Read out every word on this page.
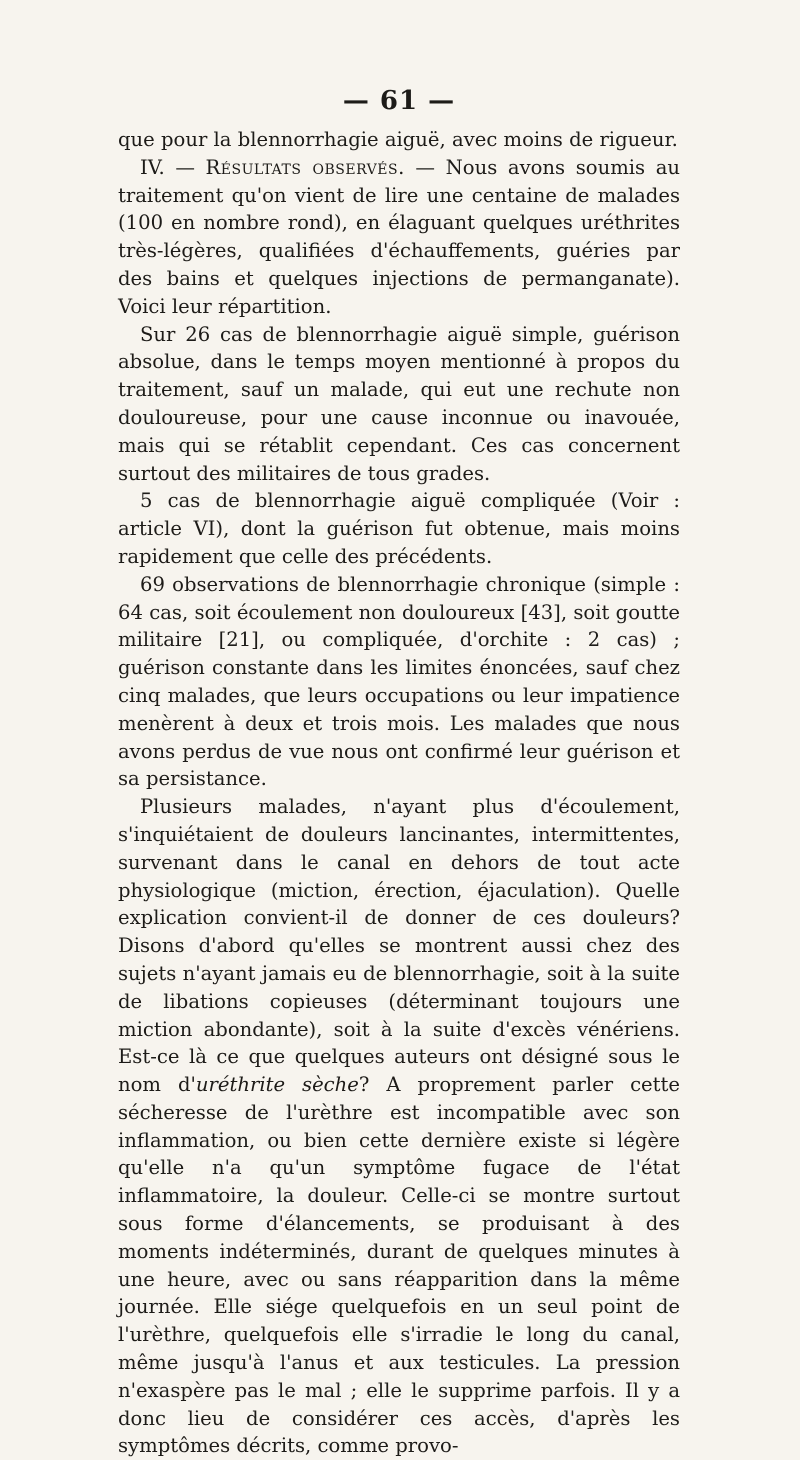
— 61 —

que pour la blennorrhagie aiguë, avec moins de rigueur.

IV. — Résultats observés. — Nous avons soumis au traitement qu'on vient de lire une centaine de malades (100 en nombre rond), en élaguant quelques uréthrites très-légères, qualifiées d'échauffements, guéries par des bains et quelques injections de permanganate). Voici leur répartition.

Sur 26 cas de blennorrhagie aiguë simple, guérison absolue, dans le temps moyen mentionné à propos du traitement, sauf un malade, qui eut une rechute non douloureuse, pour une cause inconnue ou inavouée, mais qui se rétablit cependant. Ces cas concernent surtout des militaires de tous grades.

5 cas de blennorrhagie aiguë compliquée (Voir : article VI), dont la guérison fut obtenue, mais moins rapidement que celle des précédents.

69 observations de blennorrhagie chronique (simple : 64 cas, soit écoulement non douloureux [43], soit goutte militaire [21], ou compliquée, d'orchite : 2 cas) ; guérison constante dans les limites énoncées, sauf chez cinq malades, que leurs occupations ou leur impatience menèrent à deux et trois mois. Les malades que nous avons perdus de vue nous ont confirmé leur guérison et sa persistance.

Plusieurs malades, n'ayant plus d'écoulement, s'inquiétaient de douleurs lancinantes, intermittentes, survenant dans le canal en dehors de tout acte physiologique (miction, érection, éjaculation). Quelle explication convient-il de donner de ces douleurs? Disons d'abord qu'elles se montrent aussi chez des sujets n'ayant jamais eu de blennorrhagie, soit à la suite de libations copieuses (déterminant toujours une miction abondante), soit à la suite d'excès vénériens. Est-ce là ce que quelques auteurs ont désigné sous le nom d'uréthrite sèche? A proprement parler cette sécheresse de l'urèthre est incompatible avec son inflammation, ou bien cette dernière existe si légère qu'elle n'a qu'un symptôme fugace de l'état inflammatoire, la douleur. Celle-ci se montre surtout sous forme d'élancements, se produisant à des moments indéterminés, durant de quelques minutes à une heure, avec ou sans réapparition dans la même journée. Elle siége quelquefois en un seul point de l'urèthre, quelquefois elle s'irradie le long du canal, même jusqu'à l'anus et aux testicules. La pression n'exaspère pas le mal ; elle le supprime parfois. Il y a donc lieu de considérer ces accès, d'après les symptômes décrits, comme provo-
